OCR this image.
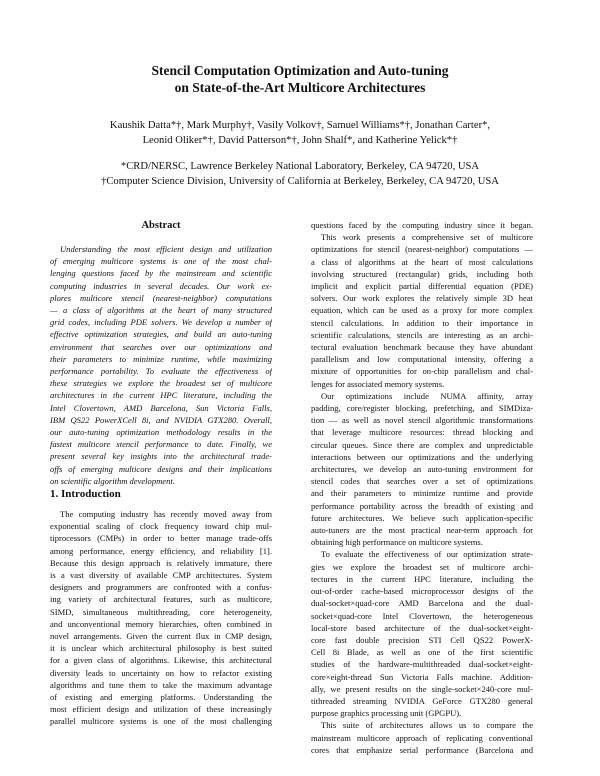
Stencil Computation Optimization and Auto-tuning
on State-of-the-Art Multicore Architectures
Kaushik Datta*†, Mark Murphy†, Vasily Volkov†, Samuel Williams*†, Jonathan Carter*,
Leonid Oliker*†, David Patterson*†, John Shalf*, and Katherine Yelick*†
*CRD/NERSC, Lawrence Berkeley National Laboratory, Berkeley, CA 94720, USA
†Computer Science Division, University of California at Berkeley, Berkeley, CA 94720, USA
Abstract
Understanding the most efficient design and utilization
of emerging multicore systems is one of the most chal-
lenging questions faced by the mainstream and scientific
computing industries in several decades. Our work ex-
plores multicore stencil (nearest-neighbor) computations
— a class of algorithms at the heart of many structured
grid codes, including PDE solvers. We develop a number of
effective optimization strategies, and build an auto-tuning
environment that searches over our optimizations and
their parameters to minimize runtime, while maximizing
performance portability. To evaluate the effectiveness of
these strategies we explore the broadest set of multicore
architectures in the current HPC literature, including the
Intel Clovertown, AMD Barcelona, Sun Victoria Falls,
IBM QS22 PowerXCell 8i, and NVIDIA GTX280. Overall,
our auto-tuning optimization methodology results in the
fastest multicore stencil performance to date. Finally, we
present several key insights into the architectural trade-
offs of emerging multicore designs and their implications
on scientific algorithm development.
1. Introduction
The computing industry has recently moved away from
exponential scaling of clock frequency toward chip mul-
tiprocessors (CMPs) in order to better manage trade-offs
among performance, energy efficiency, and reliability [1].
Because this design approach is relatively immature, there
is a vast diversity of available CMP architectures. System
designers and programmers are confronted with a confus-
ing variety of architectural features, such as multicore,
SIMD, simultaneous multithreading, core heterogeneity,
and unconventional memory hierarchies, often combined in
novel arrangements. Given the current flux in CMP design,
it is unclear which architectural philosophy is best suited
for a given class of algorithms. Likewise, this architectural
diversity leads to uncertainty on how to refactor existing
algorithms and tune them to take the maximum advantage
of existing and emerging platforms. Understanding the
most efficient design and utilization of these increasingly
parallel multicore systems is one of the most challenging
questions faced by the computing industry since it began.
This work presents a comprehensive set of multicore
optimizations for stencil (nearest-neighbor) computations —
a class of algorithms at the heart of most calculations
involving structured (rectangular) grids, including both
implicit and explicit partial differential equation (PDE)
solvers. Our work explores the relatively simple 3D heat
equation, which can be used as a proxy for more complex
stencil calculations. In addition to their importance in
scientific calculations, stencils are interesting as an archi-
tectural evaluation benchmark because they have abundant
parallelism and low computational intensity, offering a
mixture of opportunities for on-chip parallelism and chal-
lenges for associated memory systems.
Our optimizations include NUMA affinity, array
padding, core/register blocking, prefetching, and SIMDiza-
tion — as well as novel stencil algorithmic transformations
that leverage multicore resources: thread blocking and
circular queues. Since there are complex and unpredictable
interactions between our optimizations and the underlying
architectures, we develop an auto-tuning environment for
stencil codes that searches over a set of optimizations
and their parameters to minimize runtime and provide
performance portability across the breadth of existing and
future architectures. We believe such application-specific
auto-tuners are the most practical near-term approach for
obtaining high performance on multicore systems.
To evaluate the effectiveness of our optimization strate-
gies we explore the broadest set of multicore archi-
tectures in the current HPC literature, including the
out-of-order cache-based microprocessor designs of the
dual-socket×quad-core AMD Barcelona and the dual-
socket×quad-core Intel Clovertown, the heterogeneous
local-store based architecture of the dual-socket×eight-
core fast double precision STI Cell QS22 PowerX-
Cell 8i Blade, as well as one of the first scientific
studies of the hardware-multithreaded dual-socket×eight-
core×eight-thread Sun Victoria Falls machine. Addition-
ally, we present results on the single-socket×240-core mul-
tithreaded streaming NVIDIA GeForce GTX280 general
purpose graphics processing unit (GPGPU).
This suite of architectures allows us to compare the
mainstream multicore approach of replicating conventional
cores that emphasize serial performance (Barcelona and
